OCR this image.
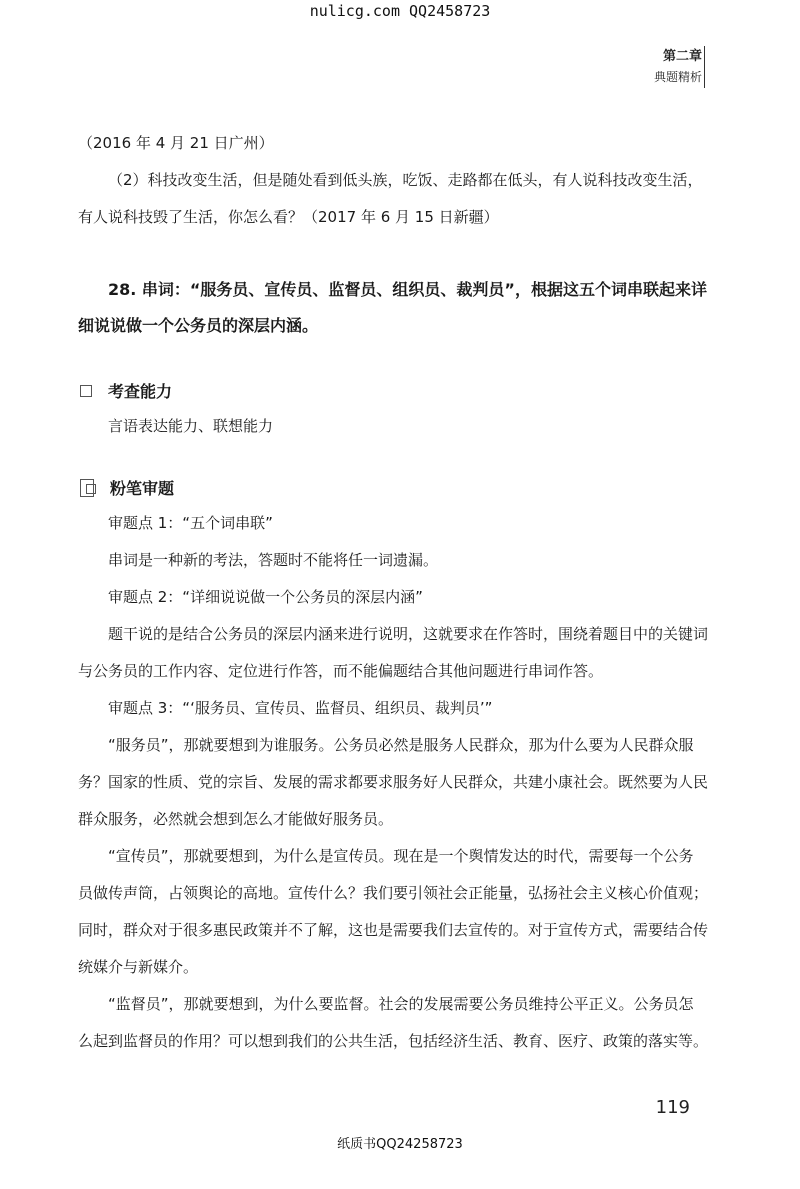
nulicg.com QQ2458723
第二章
典题精析

（2016 年 4 月 21 日广州）

（2）科技改变生活，但是随处看到低头族，吃饭、走路都在低头，有人说科技改变生活，有人说科技毁了生活，你怎么看？（2017 年 6 月 15 日新疆）

28. 串词：“服务员、宣传员、监督员、组织员、裁判员”，根据这五个词串联起来详细说说做一个公务员的深层内涵。

考查能力

言语表达能力、联想能力

粉笔审题

审题点 1：“五个词串联”

串词是一种新的考法，答题时不能将任一词遗漏。

审题点 2：“详细说说做一个公务员的深层内涵”

题干说的是结合公务员的深层内涵来进行说明，这就要求在作答时，围绕着题目中的关键词与公务员的工作内容、定位进行作答，而不能偏题结合其他问题进行串词作答。

审题点 3：“‘服务员、宣传员、监督员、组织员、裁判员’”

“服务员”，那就要想到为谁服务。公务员必然是服务人民群众，那为什么要为人民群众服务？国家的性质、党的宗旨、发展的需求都要求服务好人民群众，共建小康社会。既然要为人民群众服务，必然就会想到怎么才能做好服务员。

“宣传员”，那就要想到，为什么是宣传员。现在是一个舆情发达的时代，需要每一个公务员做传声筒，占领舆论的高地。宣传什么？我们要引领社会正能量，弘扬社会主义核心价值观；同时，群众对于很多惠民政策并不了解，这也是需要我们去宣传的。对于宣传方式，需要结合传统媒介与新媒介。

“监督员”，那就要想到，为什么要监督。社会的发展需要公务员维持公平正义。公务员怎么起到监督员的作用？可以想到我们的公共生活，包括经济生活、教育、医疗、政策的落实等。

119
纸质书QQ24258723
